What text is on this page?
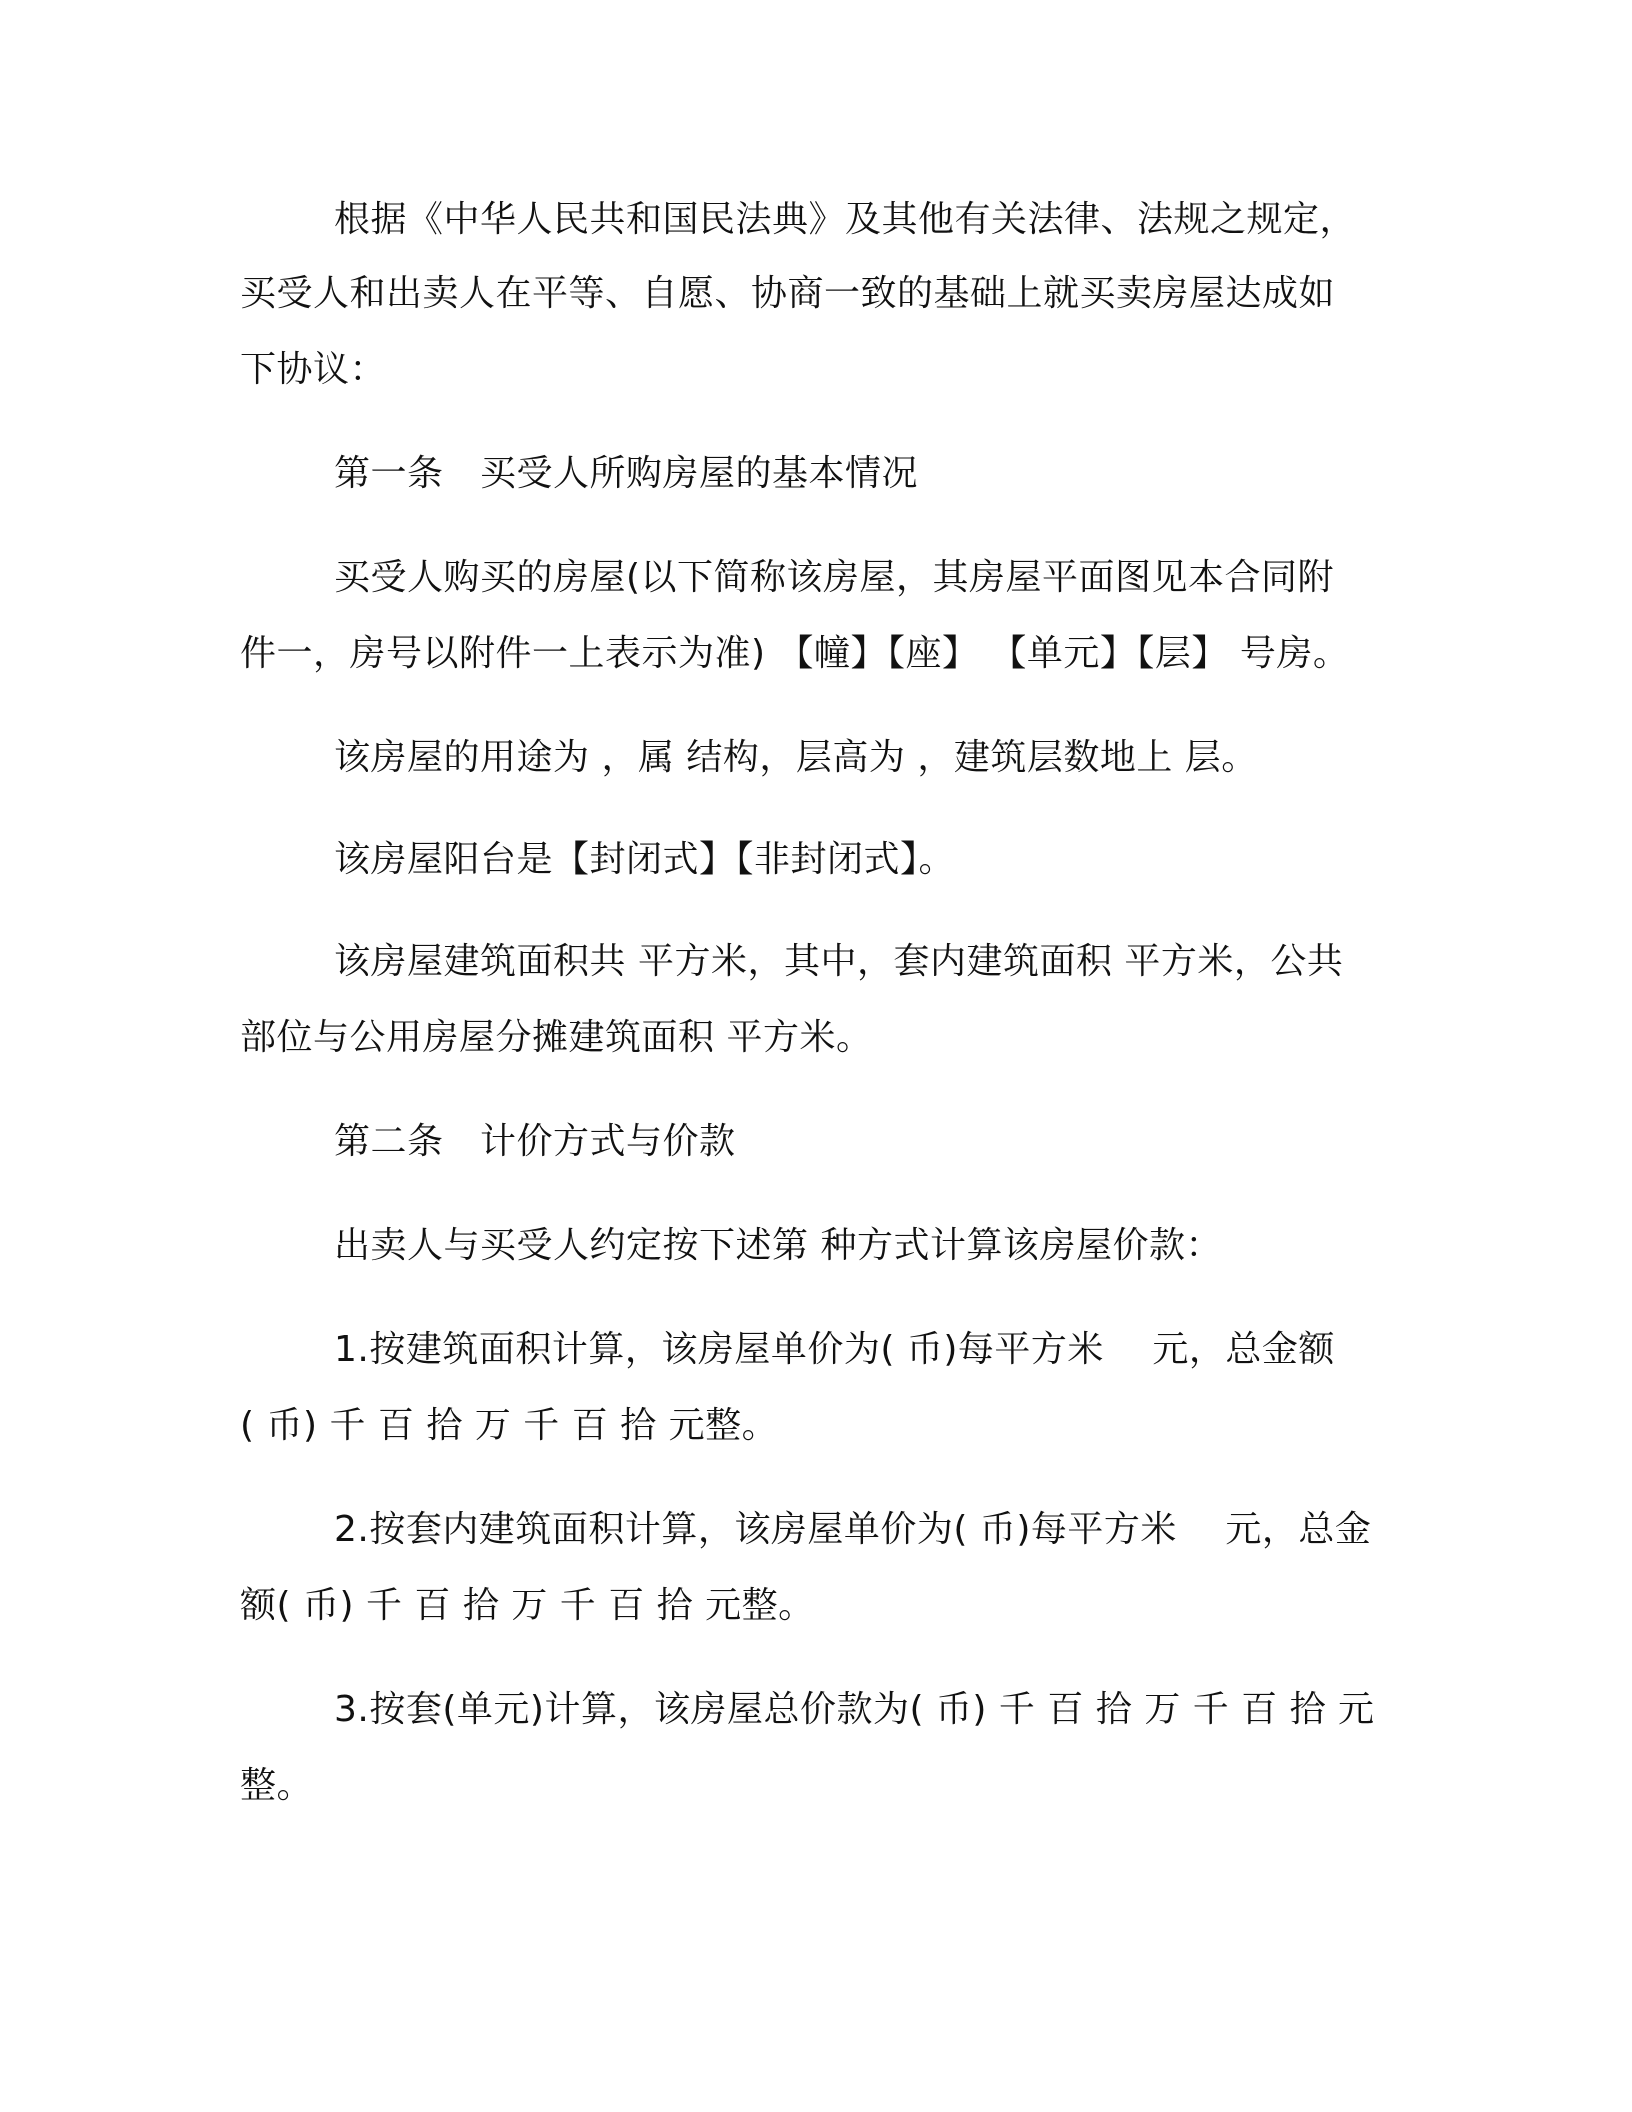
根据《中华人民共和国民法典》及其他有关法律、法规之规定，

买受人和出卖人在平等、自愿、协商一致的基础上就买卖房屋达成如

下协议：

第一条　买受人所购房屋的基本情况

买受人购买的房屋(以下简称该房屋，其房屋平面图见本合同附

件一，房号以附件一上表示为准) 【幢】【座】 【单元】【层】 号房。

该房屋的用途为 ，属 结构，层高为 ，建筑层数地上 层。

该房屋阳台是【封闭式】【非封闭式】。

该房屋建筑面积共 平方米，其中，套内建筑面积 平方米，公共

部位与公用房屋分摊建筑面积 平方米。

第二条　计价方式与价款

出卖人与买受人约定按下述第 种方式计算该房屋价款：

1.按建筑面积计算，该房屋单价为( 币)每平方米　 元，总金额

( 币) 千 百 拾 万 千 百 拾 元整。

2.按套内建筑面积计算，该房屋单价为( 币)每平方米　 元，总金

额( 币) 千 百 拾 万 千 百 拾 元整。

3.按套(单元)计算，该房屋总价款为( 币) 千 百 拾 万 千 百 拾 元

整。
